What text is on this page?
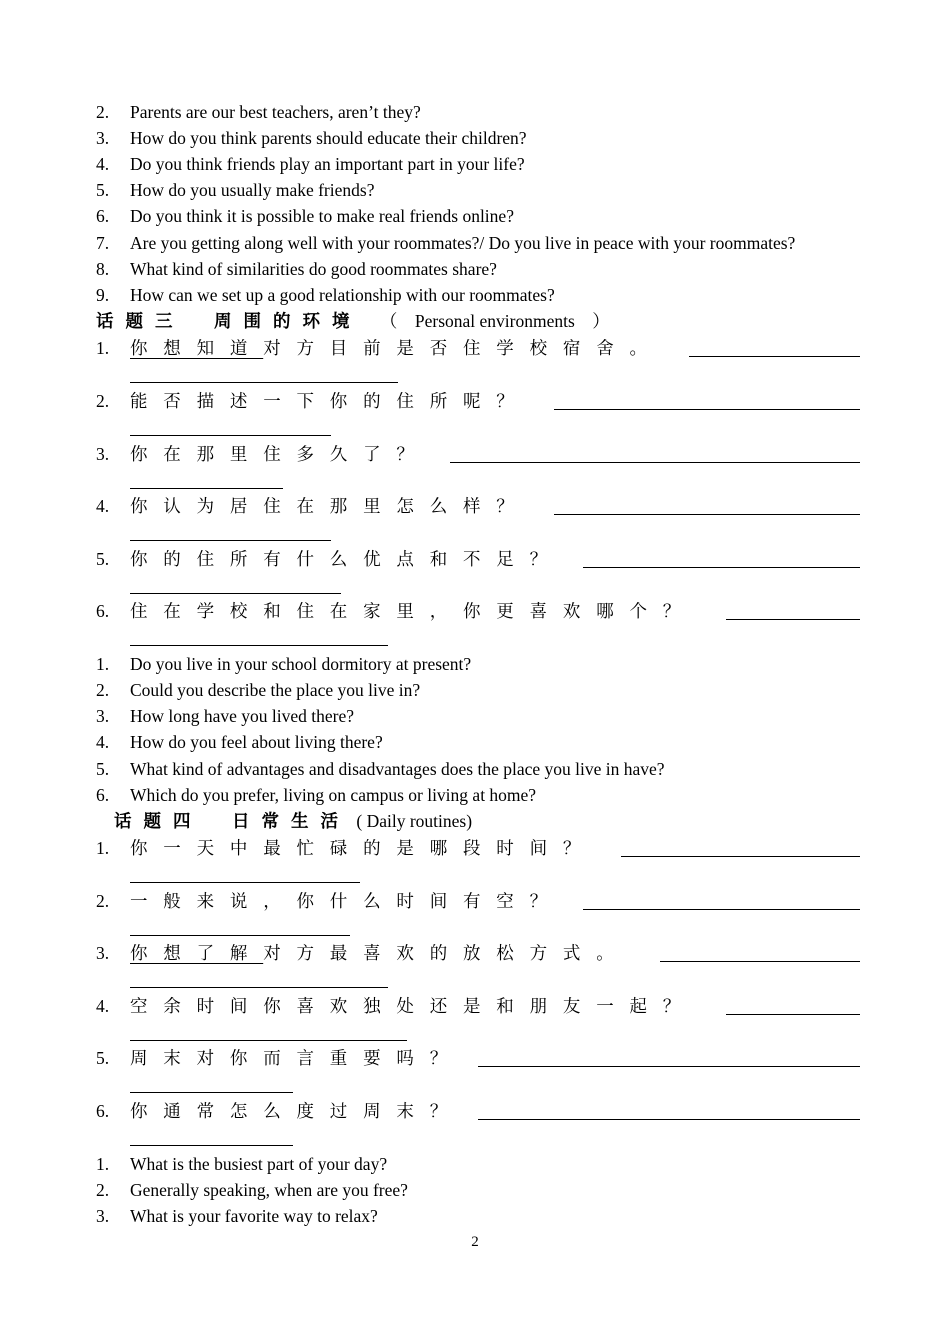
2. Parents are our best teachers, aren’t they?
3. How do you think parents should educate their children?
4. Do you think friends play an important part in your life?
5. How do you usually make friends?
6. Do you think it is possible to make real friends online?
7. Are you getting along well with your roommates?/ Do you live in peace with your roommates?
8. What kind of similarities do good roommates share?
9. How can we set up a good relationship with our roommates?
话题三　周围的环境 （　Personal environments　）
1. 你想知道对方目前是否住学校宿舍。
2. 能否描述一下你的住所呢？
3. 你在那里住多久了？
4. 你认为居住在那里怎么样？
5. 你的住所有什么优点和不足？
6. 住在学校和住在家里，你更喜欢哪个？
1. Do you live in your school dormitory at present?
2. Could you describe the place you live in?
3. How long have you lived there?
4. How do you feel about living there?
5. What kind of advantages and disadvantages does the place you live in have?
6. Which do you prefer, living on campus or living at home?
话题四　日常生活 ( Daily routines)
1. 你一天中最忙碌的是哪段时间？
2. 一般来说，你什么时间有空？
3. 你想了解对方最喜欢的放松方式。
4. 空余时间你喜欢独处还是和朋友一起？
5. 周末对你而言重要吗？
6. 你通常怎么度过周末？
1. What is the busiest part of your day?
2. Generally speaking, when are you free?
3. What is your favorite way to relax?
2
